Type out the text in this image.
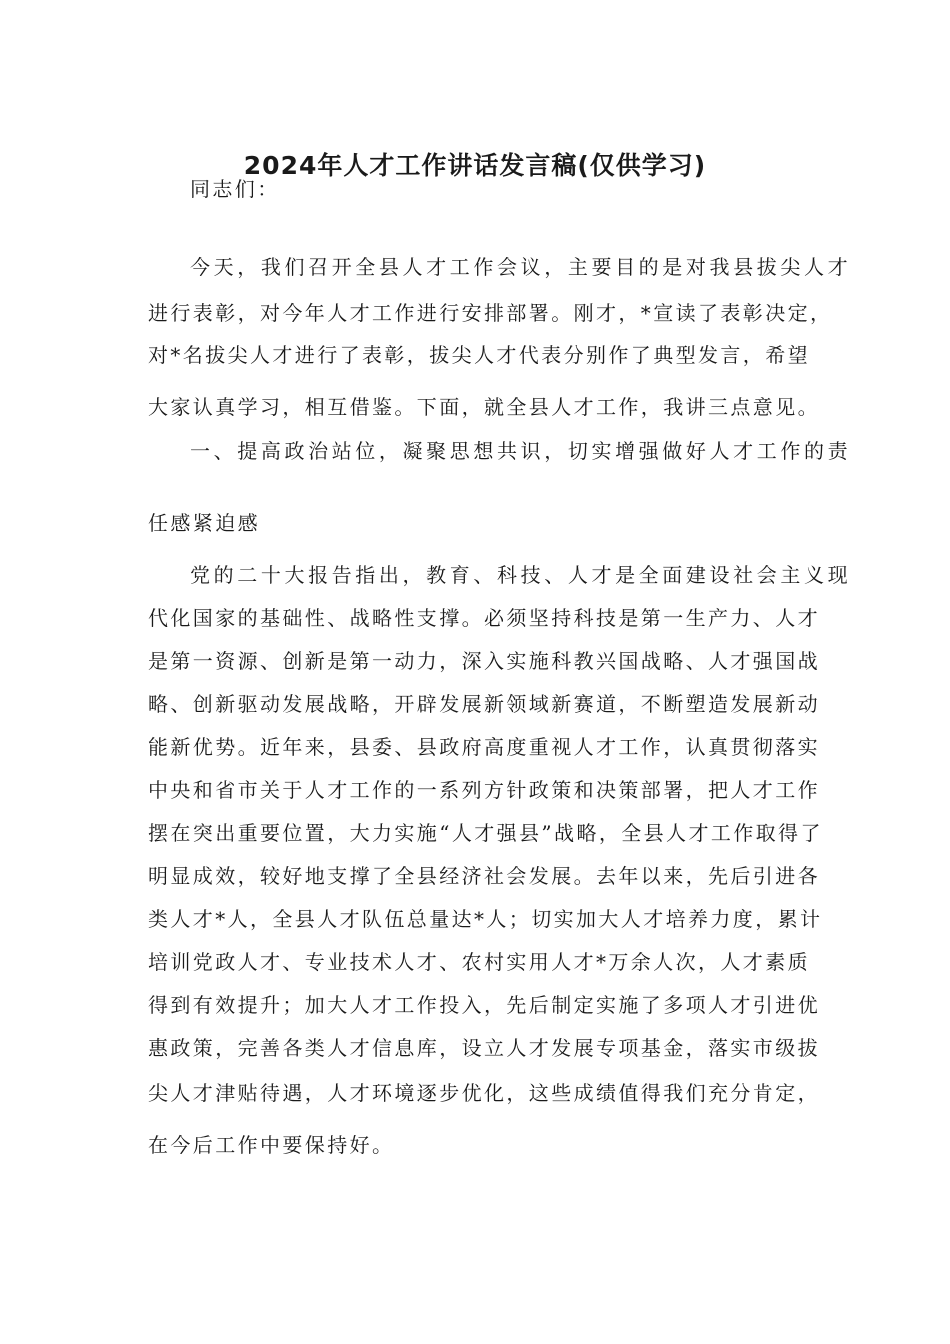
2024年人才工作讲话发言稿(仅供学习)

同志们：

今天，我们召开全县人才工作会议，主要目的是对我县拔尖人才

进行表彰，对今年人才工作进行安排部署。刚才，*宣读了表彰决定，

对*名拔尖人才进行了表彰，拔尖人才代表分别作了典型发言，希望

大家认真学习，相互借鉴。下面，就全县人才工作，我讲三点意见。

一、提高政治站位，凝聚思想共识，切实增强做好人才工作的责

任感紧迫感

党的二十大报告指出，教育、科技、人才是全面建设社会主义现

代化国家的基础性、战略性支撑。必须坚持科技是第一生产力、人才

是第一资源、创新是第一动力，深入实施科教兴国战略、人才强国战

略、创新驱动发展战略，开辟发展新领域新赛道，不断塑造发展新动

能新优势。近年来，县委、县政府高度重视人才工作，认真贯彻落实

中央和省市关于人才工作的一系列方针政策和决策部署，把人才工作

摆在突出重要位置，大力实施“人才强县”战略，全县人才工作取得了

明显成效，较好地支撑了全县经济社会发展。去年以来，先后引进各

类人才*人，全县人才队伍总量达*人；切实加大人才培养力度，累计

培训党政人才、专业技术人才、农村实用人才*万余人次，人才素质

得到有效提升；加大人才工作投入，先后制定实施了多项人才引进优

惠政策，完善各类人才信息库，设立人才发展专项基金，落实市级拔

尖人才津贴待遇，人才环境逐步优化，这些成绩值得我们充分肯定，

在今后工作中要保持好。
